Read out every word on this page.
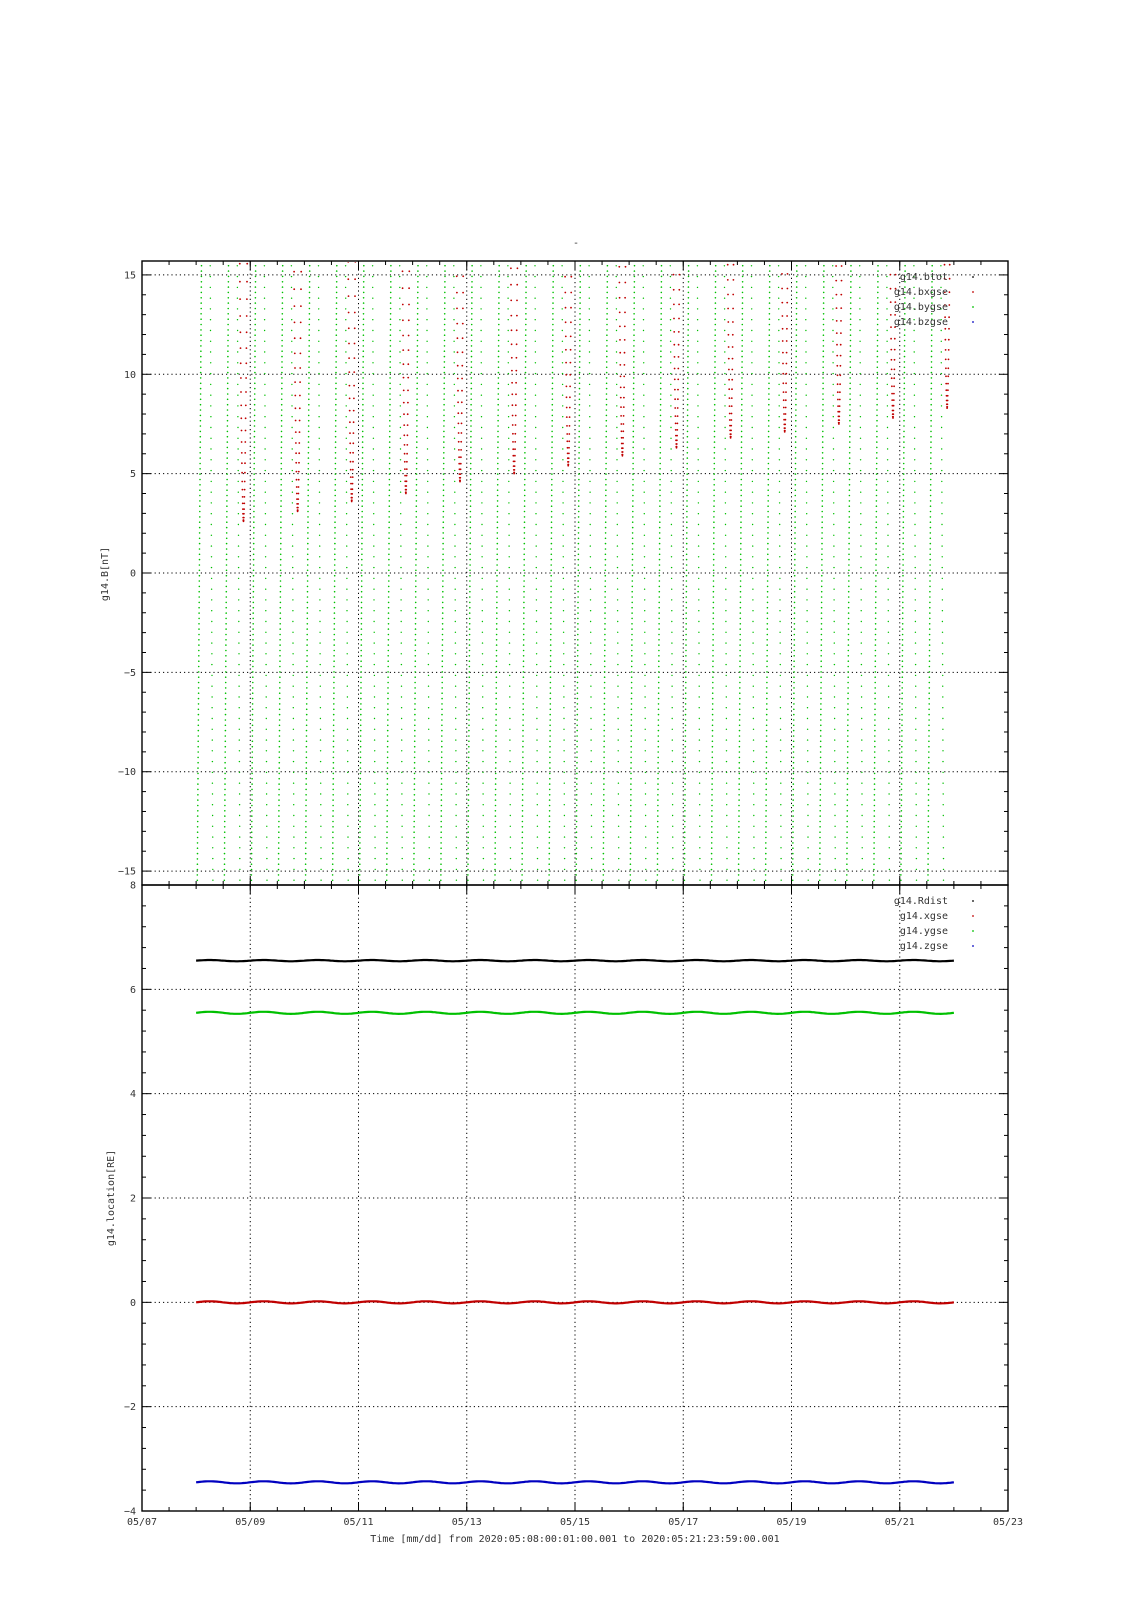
-
15
10
5
0
−5
−10
−15
g14.B[nT]
g14.btot
g14.bxgse
g14.bygse
g14.bzgse
8
6
4
2
0
−2
−4
05/07	05/09	05/11	05/13	05/15	05/17	05/19	05/21	05/23
g14.location[RE]
g14.Rdist
g14.xgse
g14.ygse
g14.zgse
Time [mm/dd] from 2020:05:08:00:01:00.001 to 2020:05:21:23:59:00.001
